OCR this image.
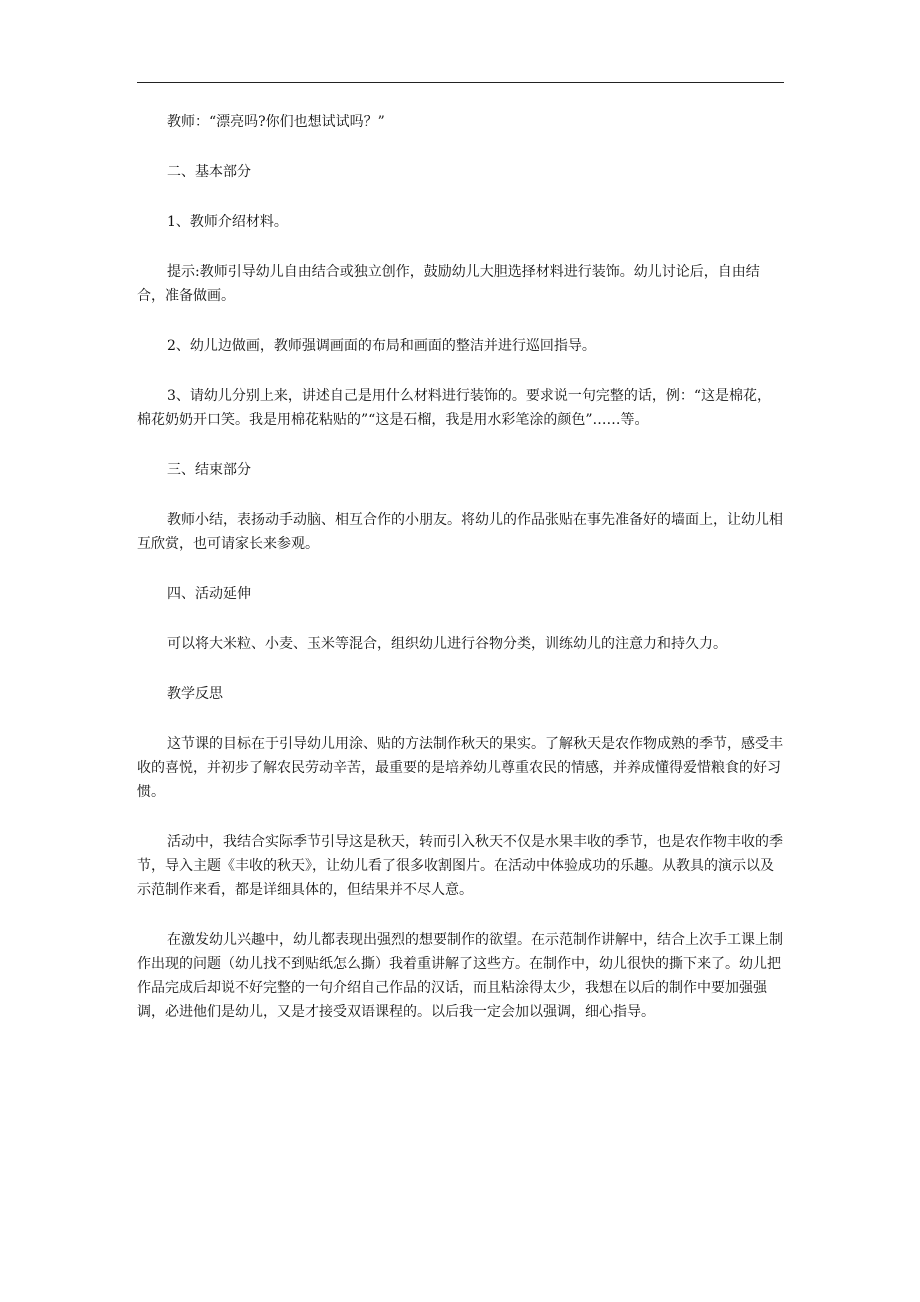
教师：“漂亮吗?你们也想试试吗？”

二、基本部分

1、教师介绍材料。

提示:教师引导幼儿自由结合或独立创作，鼓励幼儿大胆选择材料进行装饰。幼儿讨论后，自由结合，准备做画。

2、幼儿边做画，教师强调画面的布局和画面的整洁并进行巡回指导。

3、请幼儿分别上来，讲述自己是用什么材料进行装饰的。要求说一句完整的话，例：“这是棉花，棉花奶奶开口笑。我是用棉花粘贴的”“这是石榴，我是用水彩笔涂的颜色”……等。

三、结束部分

教师小结，表扬动手动脑、相互合作的小朋友。将幼儿的作品张贴在事先准备好的墙面上，让幼儿相互欣赏，也可请家长来参观。

四、活动延伸

可以将大米粒、小麦、玉米等混合，组织幼儿进行谷物分类，训练幼儿的注意力和持久力。

教学反思

这节课的目标在于引导幼儿用涂、贴的方法制作秋天的果实。了解秋天是农作物成熟的季节，感受丰收的喜悦，并初步了解农民劳动辛苦，最重要的是培养幼儿尊重农民的情感，并养成懂得爱惜粮食的好习惯。

活动中，我结合实际季节引导这是秋天，转而引入秋天不仅是水果丰收的季节，也是农作物丰收的季节，导入主题《丰收的秋天》，让幼儿看了很多收割图片。在活动中体验成功的乐趣。从教具的演示以及示范制作来看，都是详细具体的，但结果并不尽人意。

在激发幼儿兴趣中，幼儿都表现出强烈的想要制作的欲望。在示范制作讲解中，结合上次手工课上制作出现的问题（幼儿找不到贴纸怎么撕）我着重讲解了这些方。在制作中，幼儿很快的撕下来了。幼儿把作品完成后却说不好完整的一句介绍自己作品的汉话，而且粘涂得太少，我想在以后的制作中要加强强调，必进他们是幼儿，又是才接受双语课程的。以后我一定会加以强调，细心指导。
